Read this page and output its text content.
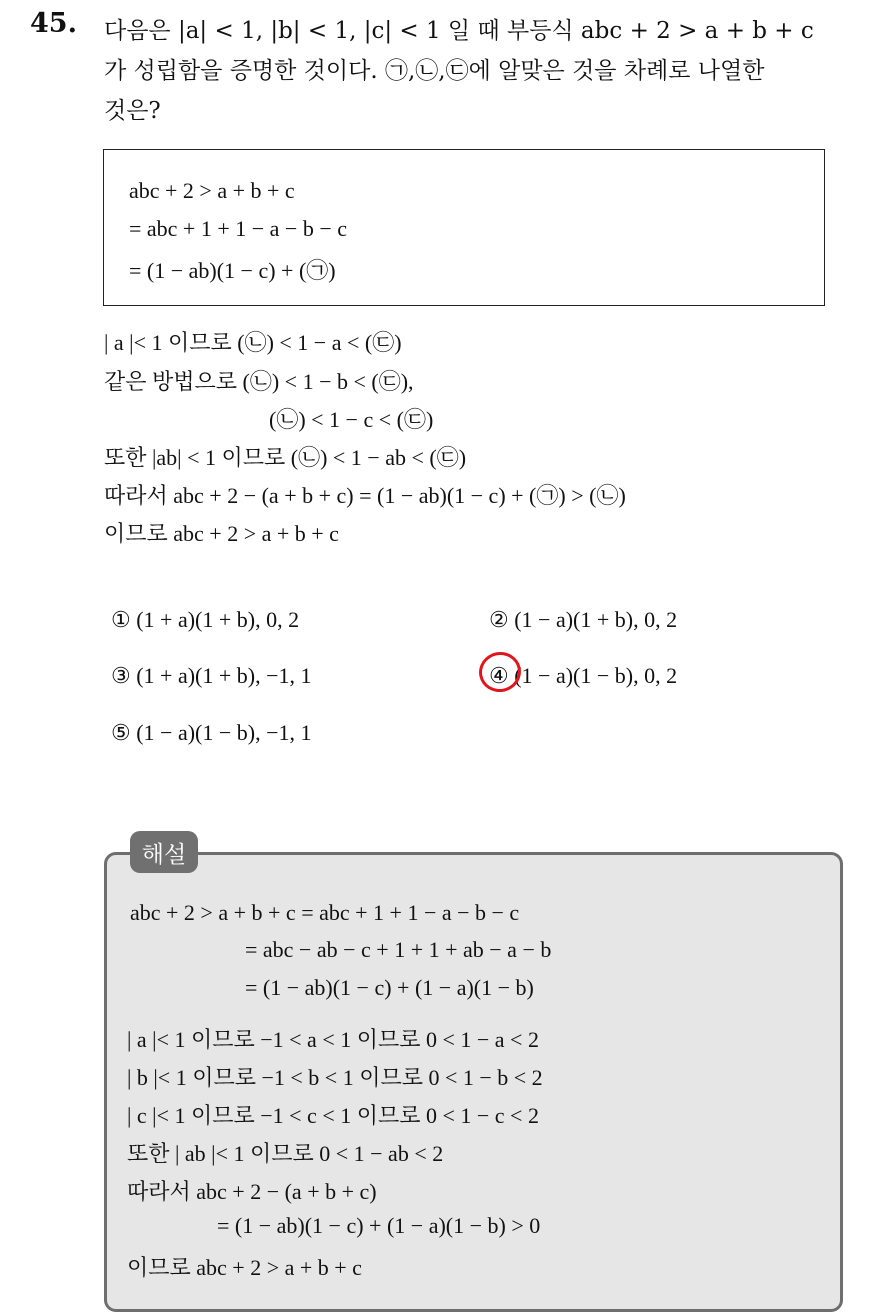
45. 다음은 |a| < 1, |b| < 1, |c| < 1 일 때 부등식 abc + 2 > a + b + c
가 성립함을 증명한 것이다. ㉠,㉡,㉢에 알맞은 것을 차례로 나열한
것은?
abc + 2 > a + b + c
= abc + 1 + 1 − a − b − c
= (1 − ab)(1 − c) + (㉠)
| a |< 1 이므로 (㉡) < 1 − a < (㉢)
같은 방법으로 (㉡) < 1 − b < (㉢),
(㉡) < 1 − c < (㉢)
또한 |ab| < 1 이므로 (㉡) < 1 − ab < (㉢)
따라서 abc + 2 − (a + b + c) = (1 − ab)(1 − c) + (㉠) > (㉡)
이므로 abc + 2 > a + b + c
① (1 + a)(1 + b), 0, 2	② (1 − a)(1 + b), 0, 2
③ (1 + a)(1 + b), −1, 1	④ (1 − a)(1 − b), 0, 2
⑤ (1 − a)(1 − b), −1, 1
abc + 2 > a + b + c = abc + 1 + 1 − a − b − c
= abc − ab − c + 1 + 1 + ab − a − b
= (1 − ab)(1 − c) + (1 − a)(1 − b)
| a |< 1 이므로 −1 < a < 1 이므로 0 < 1 − a < 2
| b |< 1 이므로 −1 < b < 1 이므로 0 < 1 − b < 2
| c |< 1 이므로 −1 < c < 1 이므로 0 < 1 − c < 2
또한 | ab |< 1 이므로 0 < 1 − ab < 2
따라서 abc + 2 − (a + b + c)
= (1 − ab)(1 − c) + (1 − a)(1 − b) > 0
이므로 abc + 2 > a + b + c
해설
